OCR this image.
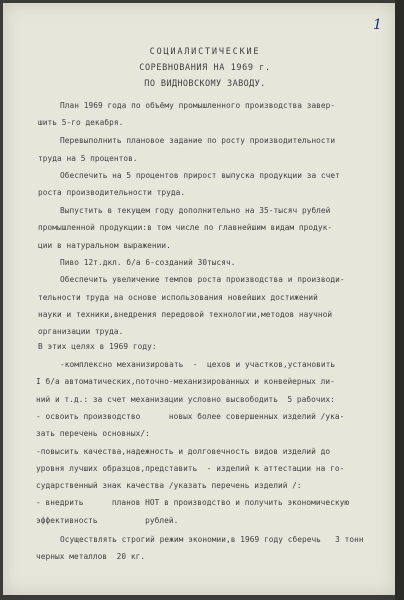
1
СОЦИАЛИСТИЧЕСКИЕ
СОРЕВНОВАНИЯ НА 1969 г.
ПО ВИДНОВСКОМУ ЗАВОДУ.
План 1969 года по объёму промышленного производства завер-
шить 5-го декабря.
Перевыполнить плановое задание по росту производительности
труда на 5 процентов.
Обеспечить на 5 процентов прирост выпуска продукции за счет
роста производительности труда.
Выпустить в текущем году дополнительно на 35-тысяч рублей
промышленной продукции:в том числе по главнейшим видам продук-
ции в натуральном выражении.
Пиво 12т.дкл. б/а 6-созданий 30тысяч.
Обеспечить увеличение темпов роста производства и производи-
тельности труда на основе использования новейших достижений
науки и техники,внедрения передовой технологии,методов научной
организации труда.
В этих целях в 1969 году:
-комплексно механизировать  -  цехов и участков,установить
I б/а автоматических,поточно-механизированных и конвейерных ли-
ний и т.д.: за счет механизации условно высвободить  5 рабочих:
- освоить производство      новых более совершенных изделий /ука-
зать перечень основных/:
-повысить качества,надежность и долговечность видов изделий до
уровня лучших образцов,представить  - изделий к аттестации на го-
сударственный знак качества /указать перечень изделий /:
- внедрить      планов НОТ в производство и получить экономическую
эффективность          рублей.
Осуществлять строгий режим экономии,в 1969 году сберечь   3 тонн
черных металлов  20 кг.
